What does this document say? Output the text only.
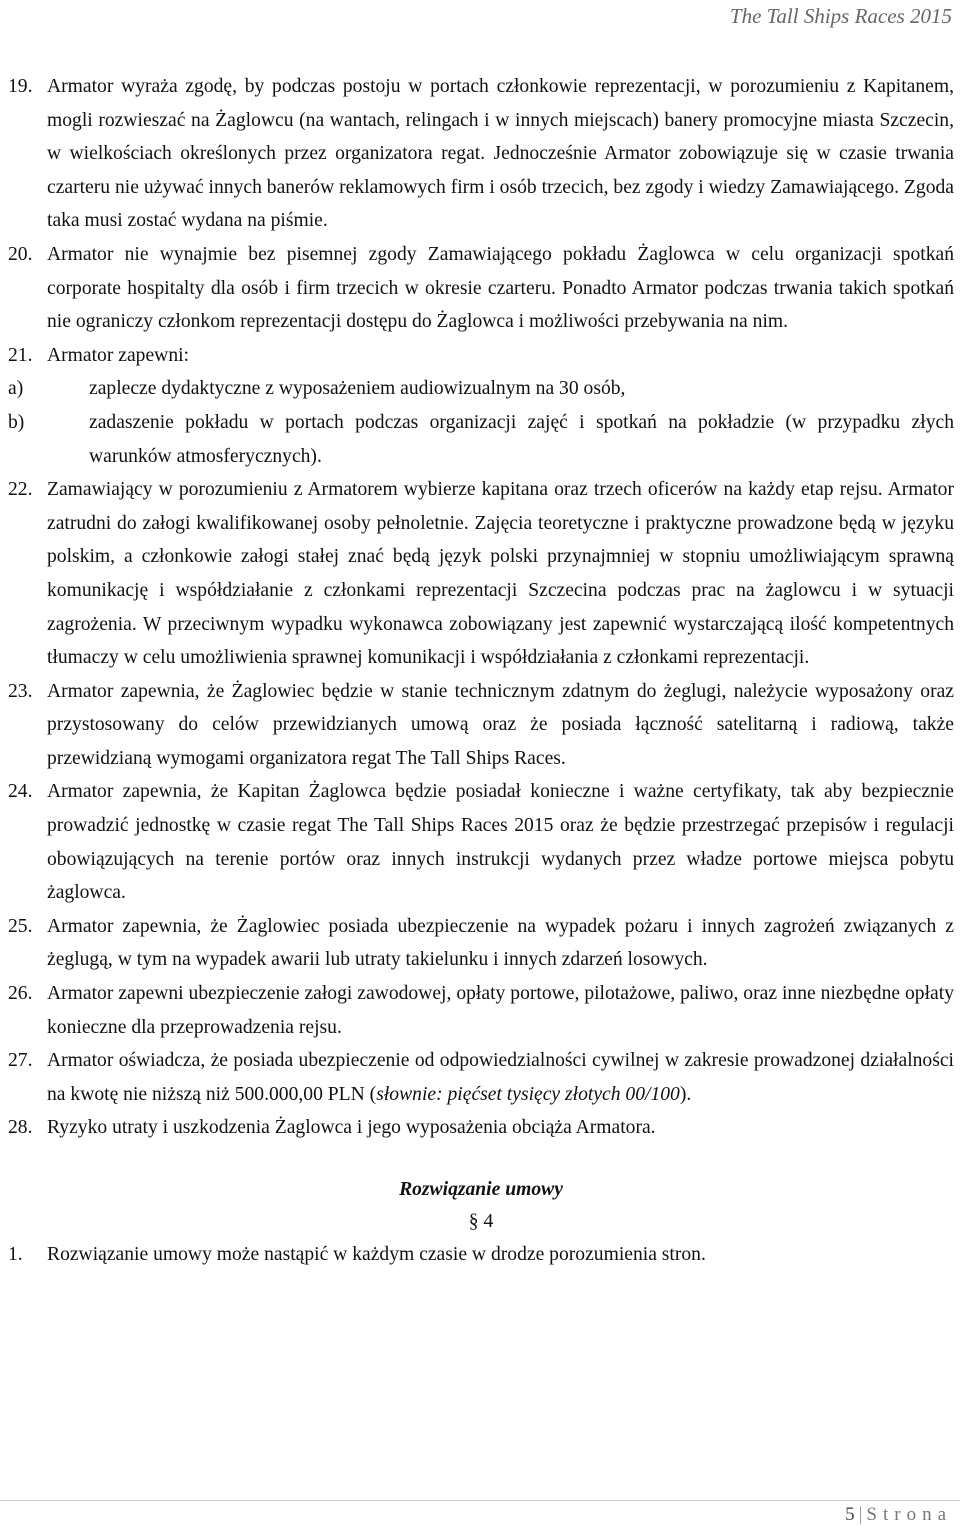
The Tall Ships Races 2015
19. Armator wyraża zgodę, by podczas postoju w portach członkowie reprezentacji, w porozumieniu z Kapitanem, mogli rozwieszać na Żaglowcu (na wantach, relingach i w innych miejscach) banery promocyjne miasta Szczecin, w wielkościach określonych przez organizatora regat. Jednocześnie Armator zobowiązuje się w czasie trwania czarteru nie używać innych banerów reklamowych firm i osób trzecich, bez zgody i wiedzy Zamawiającego. Zgoda taka musi zostać wydana na piśmie.
20. Armator nie wynajmie bez pisemnej zgody Zamawiającego pokładu Żaglowca w celu organizacji spotkań corporate hospitalty dla osób i firm trzecich w okresie czarteru. Ponadto Armator podczas trwania takich spotkań nie ograniczy członkom reprezentacji dostępu do Żaglowca i możliwości przebywania na nim.
21. Armator zapewni:
a)	zaplecze dydaktyczne z wyposażeniem audiowizualnym na 30 osób,
b)	zadaszenie pokładu w portach podczas organizacji zajęć i spotkań na pokładzie (w przypadku złych warunków atmosferycznych).
22. Zamawiający w porozumieniu z Armatorem wybierze kapitana oraz trzech oficerów na każdy etap rejsu. Armator zatrudni do załogi kwalifikowanej osoby pełnoletnie. Zajęcia teoretyczne i praktyczne prowadzone będą w języku polskim, a członkowie załogi stałej znać będą język polski przynajmniej w stopniu umożliwiającym sprawną komunikację i współdziałanie z członkami reprezentacji Szczecina podczas prac na żaglowcu i w sytuacji zagrożenia. W przeciwnym wypadku wykonawca zobowiązany jest zapewnić wystarczającą ilość kompetentnych tłumaczy w celu umożliwienia sprawnej komunikacji i współdziałania z członkami reprezentacji.
23. Armator zapewnia, że Żaglowiec będzie w stanie technicznym zdatnym do żeglugi, należycie wyposażony oraz przystosowany do celów przewidzianych umową oraz że posiada łączność satelitarną i radiową, także przewidzianą wymogami organizatora regat The Tall Ships Races.
24. Armator zapewnia, że Kapitan Żaglowca będzie posiadał konieczne i ważne certyfikaty, tak aby bezpiecznie prowadzić jednostkę w czasie regat The Tall Ships Races 2015 oraz że będzie przestrzegać przepisów i regulacji obowiązujących na terenie portów oraz innych instrukcji wydanych przez władze portowe miejsca pobytu żaglowca.
25. Armator zapewnia, że Żaglowiec posiada ubezpieczenie na wypadek pożaru i innych zagrożeń związanych z żeglugą, w tym na wypadek awarii lub utraty takielunku i innych zdarzeń losowych.
26. Armator zapewni ubezpieczenie załogi zawodowej, opłaty portowe, pilotażowe, paliwo, oraz inne niezbędne opłaty konieczne dla przeprowadzenia rejsu.
27. Armator oświadcza, że posiada ubezpieczenie od odpowiedzialności cywilnej w zakresie prowadzonej działalności na kwotę nie niższą niż 500.000,00 PLN (słownie: pięćset tysięcy złotych 00/100).
28. Ryzyko utraty i uszkodzenia Żaglowca i jego wyposażenia obciąża Armatora.
Rozwiązanie umowy
§ 4
1. Rozwiązanie umowy może nastąpić w każdym czasie w drodze porozumienia stron.
5 | Strona
